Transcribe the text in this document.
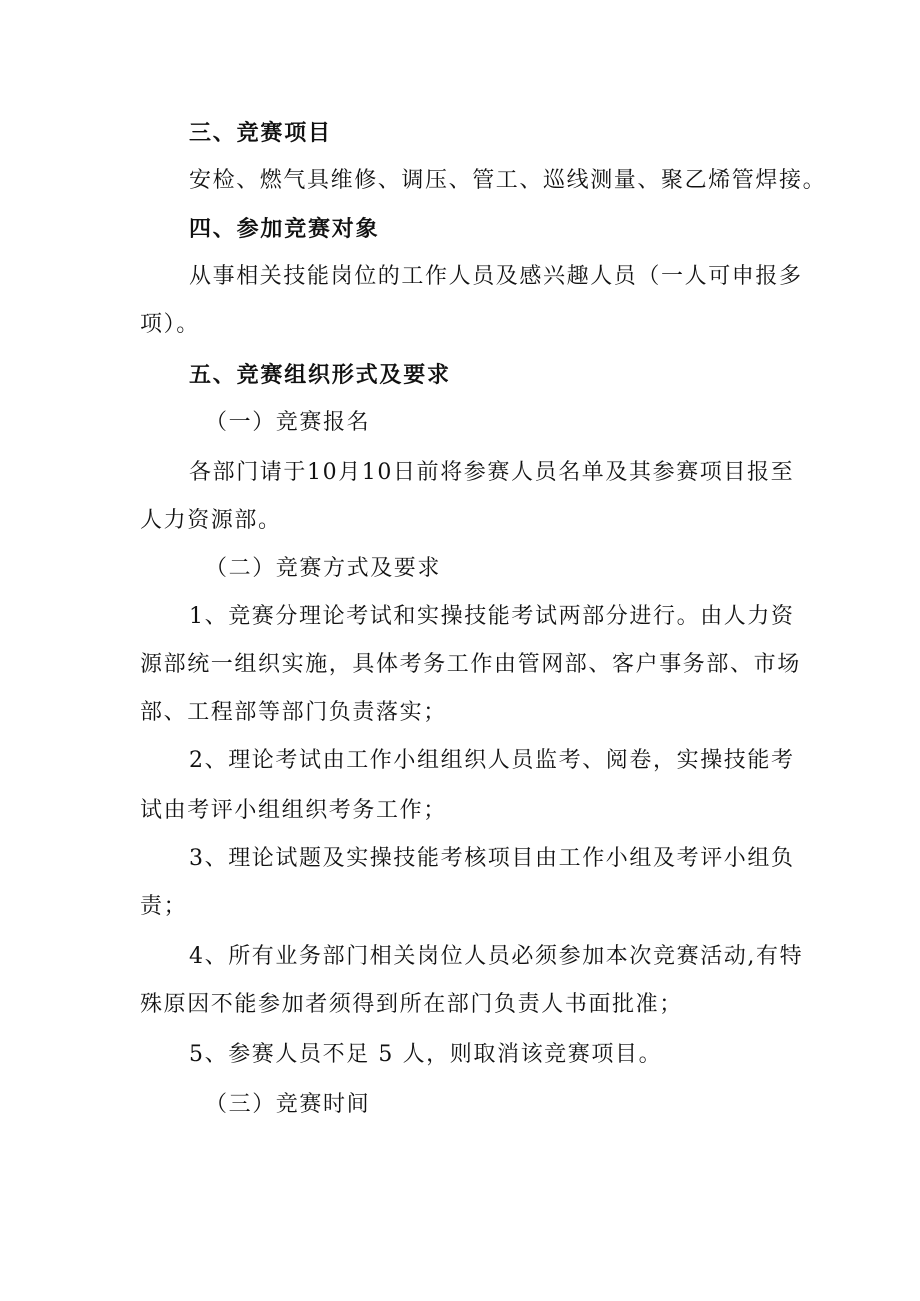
三、竞赛项目
安检、燃气具维修、调压、管工、巡线测量、聚乙烯管焊接。
四、参加竞赛对象
从事相关技能岗位的工作人员及感兴趣人员（一人可申报多
项）。
五、竞赛组织形式及要求
（一）竞赛报名
各部门请于10月10日前将参赛人员名单及其参赛项目报至
人力资源部。
（二）竞赛方式及要求
1、竞赛分理论考试和实操技能考试两部分进行。由人力资
源部统一组织实施，具体考务工作由管网部、客户事务部、市场
部、工程部等部门负责落实；
2、理论考试由工作小组组织人员监考、阅卷，实操技能考
试由考评小组组织考务工作；
3、理论试题及实操技能考核项目由工作小组及考评小组负
责；
4、所有业务部门相关岗位人员必须参加本次竞赛活动,有特
殊原因不能参加者须得到所在部门负责人书面批准；
5、参赛人员不足 5 人，则取消该竞赛项目。
（三）竞赛时间
